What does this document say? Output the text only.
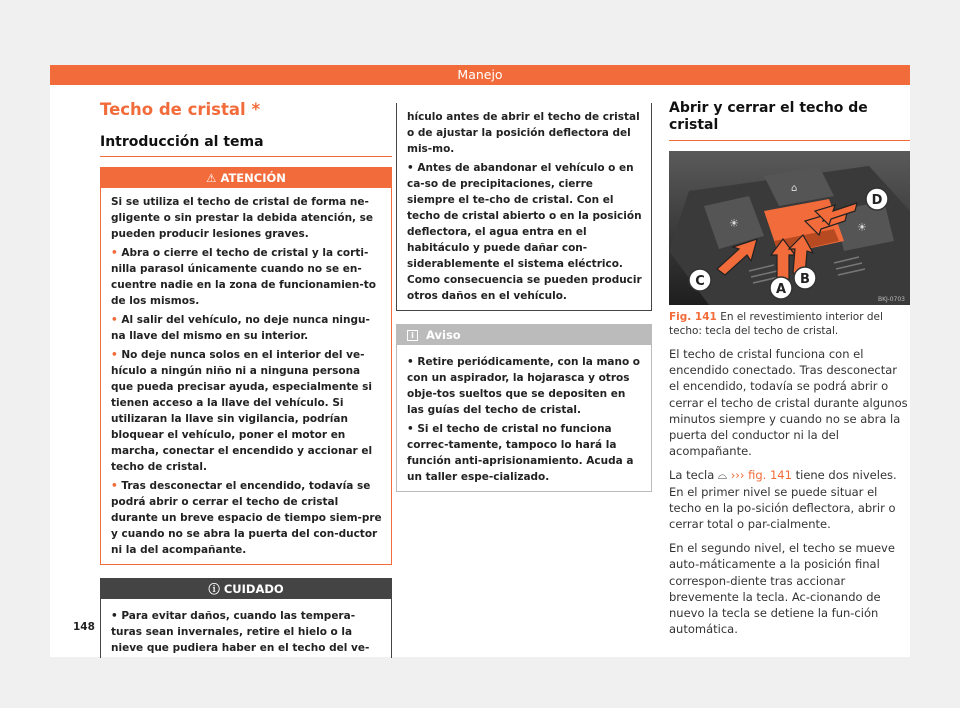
Manejo
Techo de cristal *
Introducción al tema
⚠ ATENCIÓN

Si se utiliza el techo de cristal de forma ne-gligente o sin prestar la debida atención, se pueden producir lesiones graves.

• Abra o cierre el techo de cristal y la corti-nilla parasol únicamente cuando no se en-cuentre nadie en la zona de funcionamien-to de los mismos.

• Al salir del vehículo, no deje nunca ningu-na llave del mismo en su interior.

• No deje nunca solos en el interior del ve-hículo a ningún niño ni a ninguna persona que pueda precisar ayuda, especialmente si tienen acceso a la llave del vehículo. Si utilizaran la llave sin vigilancia, podrían bloquear el vehículo, poner el motor en marcha, conectar el encendido y accionar el techo de cristal.

• Tras desconectar el encendido, todavía se podrá abrir o cerrar el techo de cristal durante un breve espacio de tiempo siem-pre y cuando no se abra la puerta del con-ductor ni la del acompañante.

ⓘ CUIDADO

• Para evitar daños, cuando las tempera-turas sean invernales, retire el hielo o la nieve que pudiera haber en el techo del ve-

148

hículo antes de abrir el techo de cristal o de ajustar la posición deflectora del mis-mo.

• Antes de abandonar el vehículo o en ca-so de precipitaciones, cierre siempre el te-cho de cristal. Con el techo de cristal abierto o en la posición deflectora, el agua entra en el habitáculo y puede dañar con-siderablemente el sistema eléctrico. Como consecuencia se pueden producir otros daños en el vehículo.

i Aviso

• Retire periódicamente, con la mano o con un aspirador, la hojarasca y otros obje-tos sueltos que se depositen en las guías del techo de cristal.

• Si el techo de cristal no funciona correc-tamente, tampoco lo hará la función anti-aprisionamiento. Acuda a un taller espe-cializado.

Abrir y cerrar el techo de cristal
☀
⌂
☀
A
B
C
D
BKJ-0703
Fig. 141 En el revestimiento interior del techo: tecla del techo de cristal.

El techo de cristal funciona con el encendido conectado. Tras desconectar el encendido, todavía se podrá abrir o cerrar el techo de cristal durante algunos minutos siempre y cuando no se abra la puerta del conductor ni la del acompañante.

La tecla ⌓ ››› fig. 141 tiene dos niveles. En el primer nivel se puede situar el techo en la po-sición deflectora, abrir o cerrar total o par-cialmente.

En el segundo nivel, el techo se mueve auto-máticamente a la posición final correspon-diente tras accionar brevemente la tecla. Ac-cionando de nuevo la tecla se detiene la fun-ción automática.
